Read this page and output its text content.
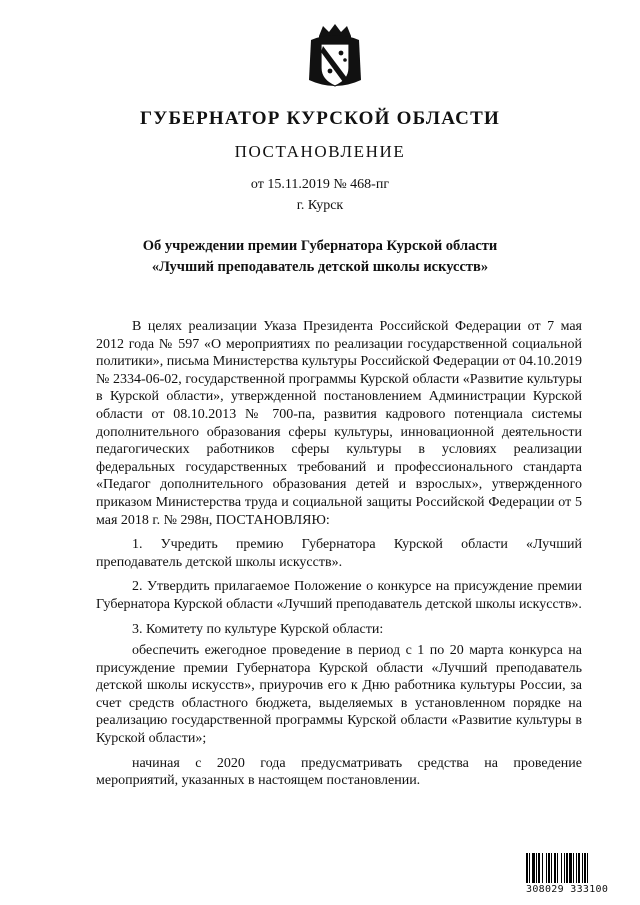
ГУБЕРНАТОР КУРСКОЙ ОБЛАСТИ
ПОСТАНОВЛЕНИЕ
от 15.11.2019 № 468-пг
г. Курск
Об учреждении премии Губернатора Курской области
«Лучший преподаватель детской школы искусств»

В целях реализации Указа Президента Российской Федерации от 7 мая 2012 года № 597 «О мероприятиях по реализации государственной социальной политики», письма Министерства культуры Российской Федерации от 04.10.2019 № 2334-06-02, государственной программы Курской области «Развитие культуры в Курской области», утвержденной постановлением Администрации Курской области от 08.10.2013 № 700-па, развития кадрового потенциала системы дополнительного образования сферы культуры, инновационной деятельности педагогических работников сферы культуры в условиях реализации федеральных государственных требований и профессионального стандарта «Педагог дополнительного образования детей и взрослых», утвержденного приказом Министерства труда и социальной защиты Российской Федерации от 5 мая 2018 г. № 298н, ПОСТАНОВЛЯЮ:

1. Учредить премию Губернатора Курской области «Лучший преподаватель детской школы искусств».

2. Утвердить прилагаемое Положение о конкурсе на присуждение премии Губернатора Курской области «Лучший преподаватель детской школы искусств».

3. Комитету по культуре Курской области:

обеспечить ежегодное проведение в период с 1 по 20 марта конкурса на присуждение премии Губернатора Курской области «Лучший преподаватель детской школы искусств», приурочив его к Дню работника культуры России, за счет средств областного бюджета, выделяемых в установленном порядке на реализацию государственной программы Курской области «Развитие культуры в Курской области»;

начиная с 2020 года предусматривать средства на проведение мероприятий, указанных в настоящем постановлении.

308029 333100
